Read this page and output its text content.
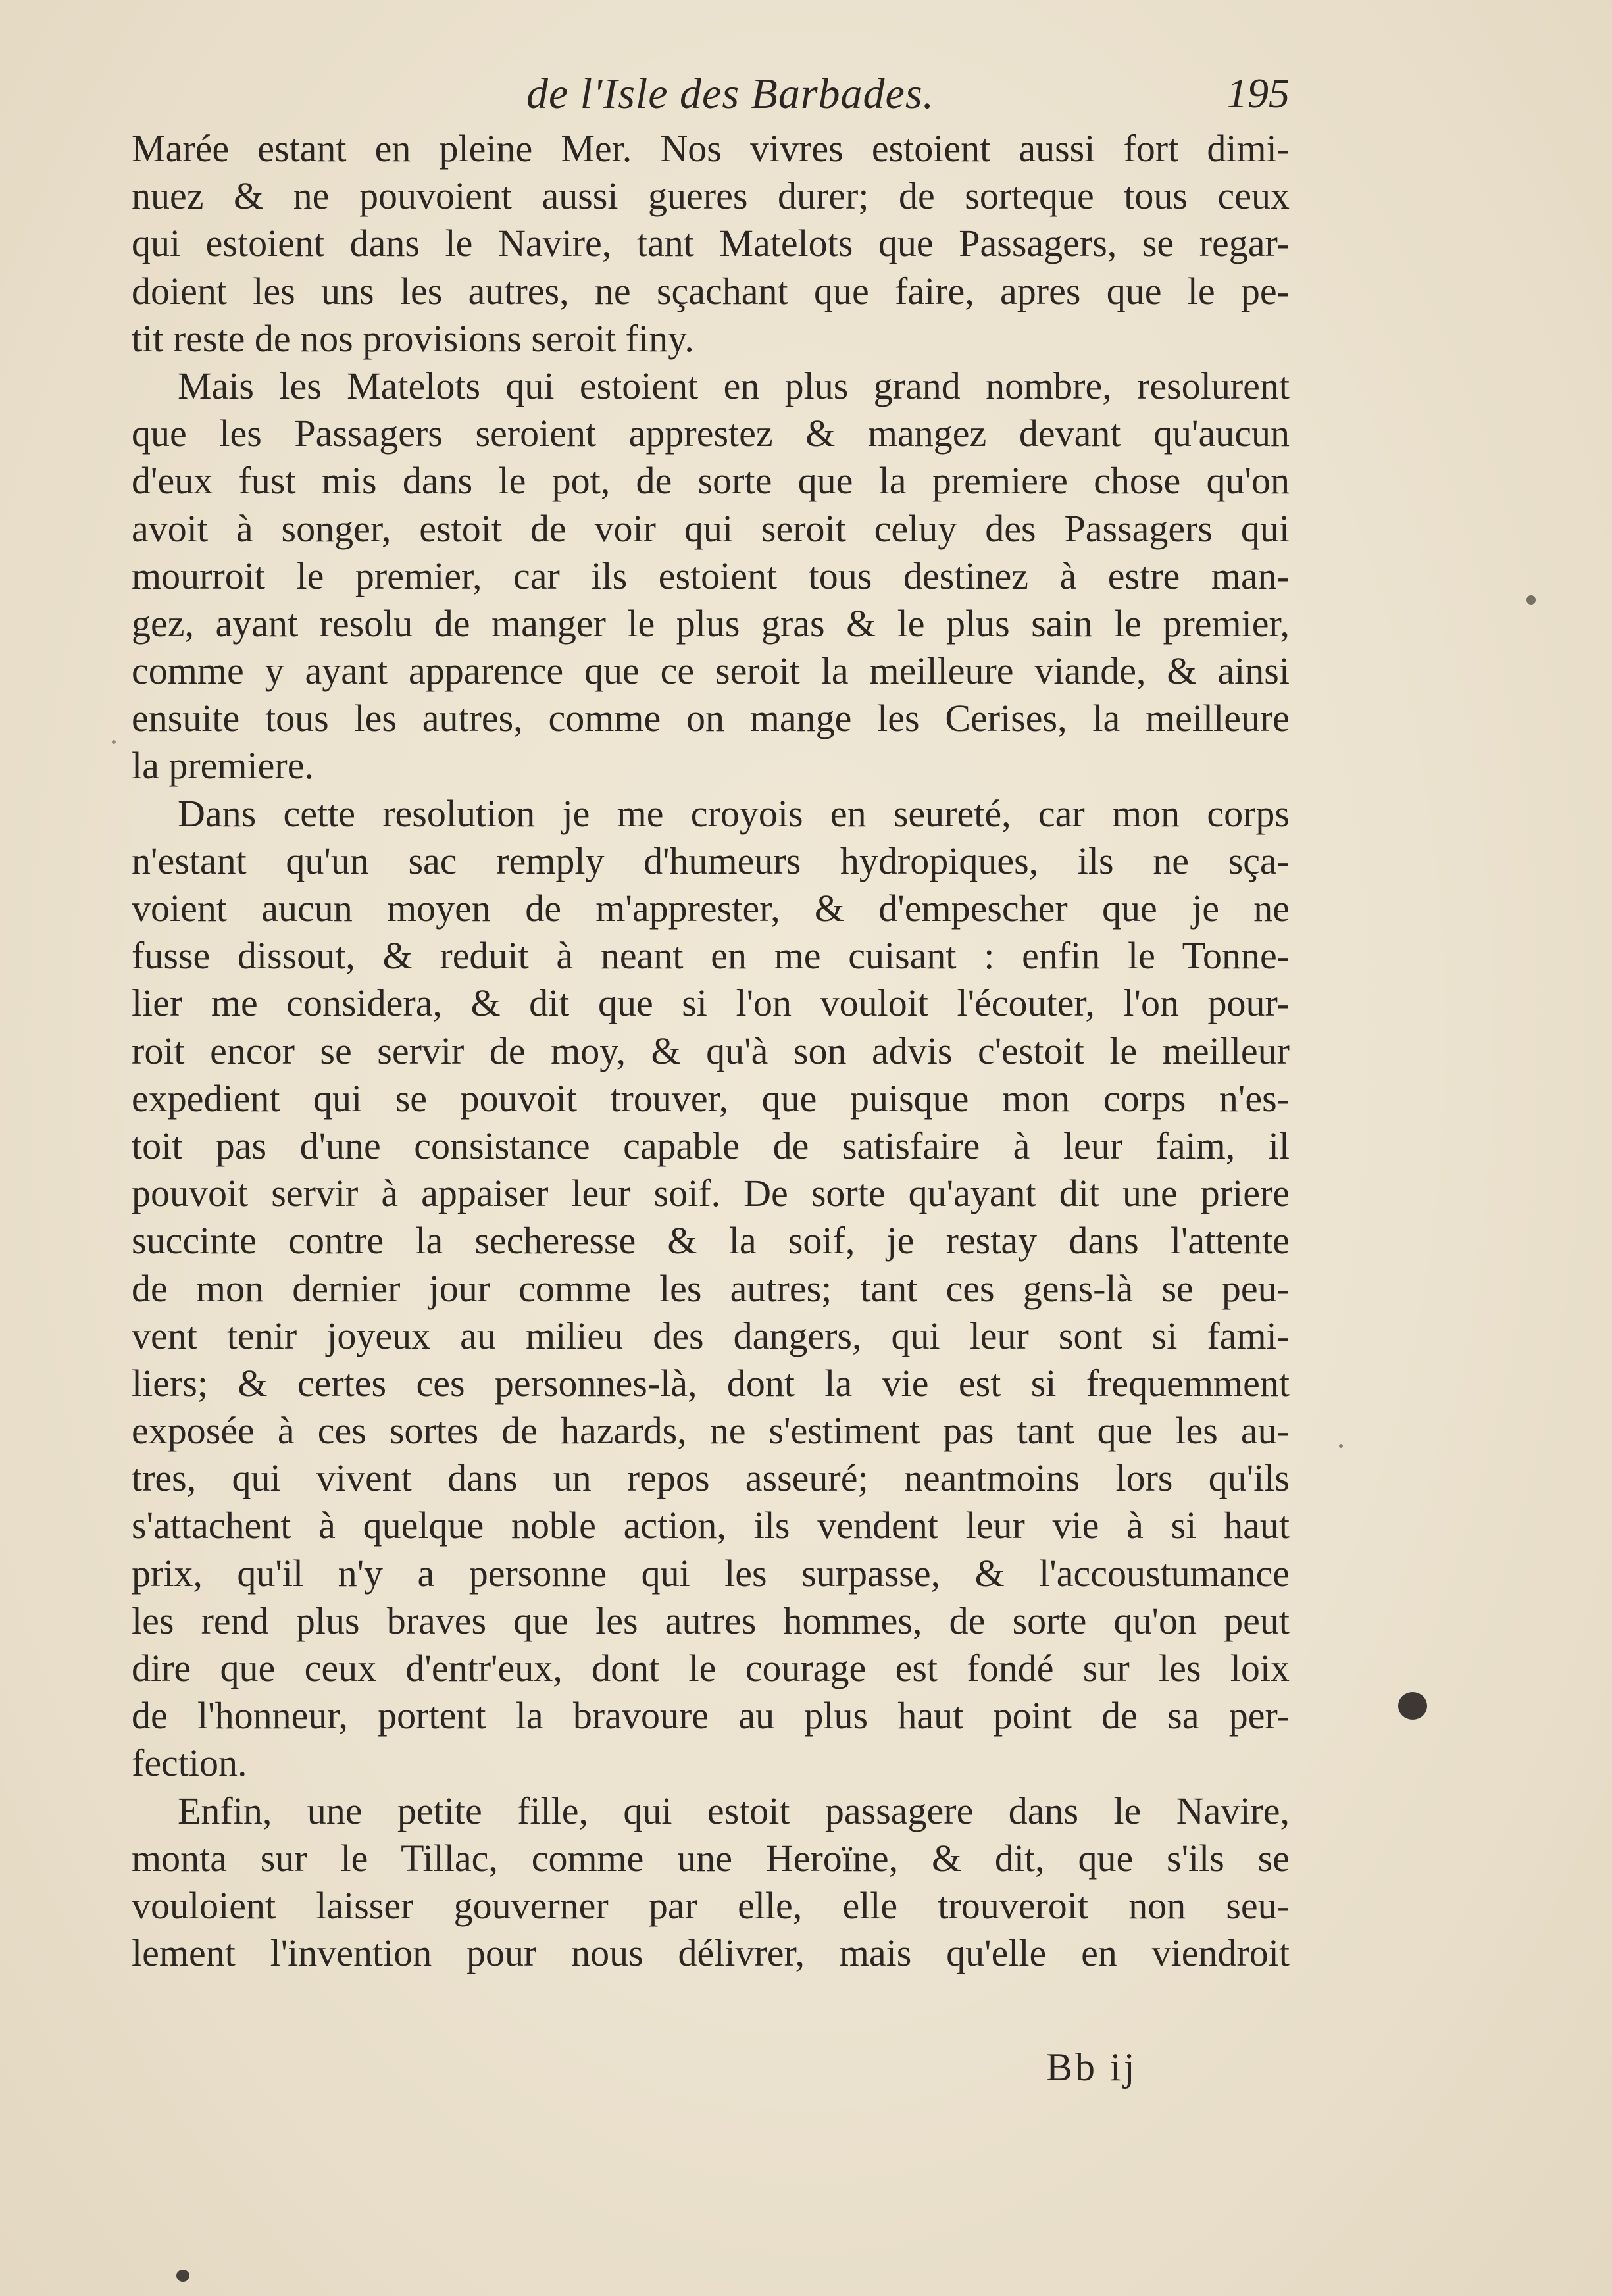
de l'Isle des Barbades.	195
Marée estant en pleine Mer. Nos vivres estoient aussi fort dimi-
nuez & ne pouvoient aussi gueres durer; de sorteque tous ceux
qui estoient dans le Navire, tant Matelots que Passagers, se regar-
doient les uns les autres, ne sçachant que faire, apres que le pe-
tit reste de nos provisions seroit finy.
Mais les Matelots qui estoient en plus grand nombre, resolurent
que les Passagers seroient apprestez & mangez devant qu'aucun
d'eux fust mis dans le pot, de sorte que la premiere chose qu'on
avoit à songer, estoit de voir qui seroit celuy des Passagers qui
mourroit le premier, car ils estoient tous destinez à estre man-
gez, ayant resolu de manger le plus gras & le plus sain le premier,
comme y ayant apparence que ce seroit la meilleure viande, & ainsi
ensuite tous les autres, comme on mange les Cerises, la meilleure
la premiere.
Dans cette resolution je me croyois en seureté, car mon corps
n'estant qu'un sac remply d'humeurs hydropiques, ils ne sça-
voient aucun moyen de m'apprester, & d'empescher que je ne
fusse dissout, & reduit à neant en me cuisant : enfin le Tonne-
lier me considera, & dit que si l'on vouloit l'écouter, l'on pour-
roit encor se servir de moy, & qu'à son advis c'estoit le meilleur
expedient qui se pouvoit trouver, que puisque mon corps n'es-
toit pas d'une consistance capable de satisfaire à leur faim, il
pouvoit servir à appaiser leur soif. De sorte qu'ayant dit une priere
succinte contre la secheresse & la soif, je restay dans l'attente
de mon dernier jour comme les autres; tant ces gens-là se peu-
vent tenir joyeux au milieu des dangers, qui leur sont si fami-
liers; & certes ces personnes-là, dont la vie est si frequemment
exposée à ces sortes de hazards, ne s'estiment pas tant que les au-
tres, qui vivent dans un repos asseuré; neantmoins lors qu'ils
s'attachent à quelque noble action, ils vendent leur vie à si haut
prix, qu'il n'y a personne qui les surpasse, & l'accoustumance
les rend plus braves que les autres hommes, de sorte qu'on peut
dire que ceux d'entr'eux, dont le courage est fondé sur les loix
de l'honneur, portent la bravoure au plus haut point de sa per-
fection.
Enfin, une petite fille, qui estoit passagere dans le Navire,
monta sur le Tillac, comme une Heroïne, & dit, que s'ils se
vouloient laisser gouverner par elle, elle trouveroit non seu-
lement l'invention pour nous délivrer, mais qu'elle en viendroit
Bb ij
